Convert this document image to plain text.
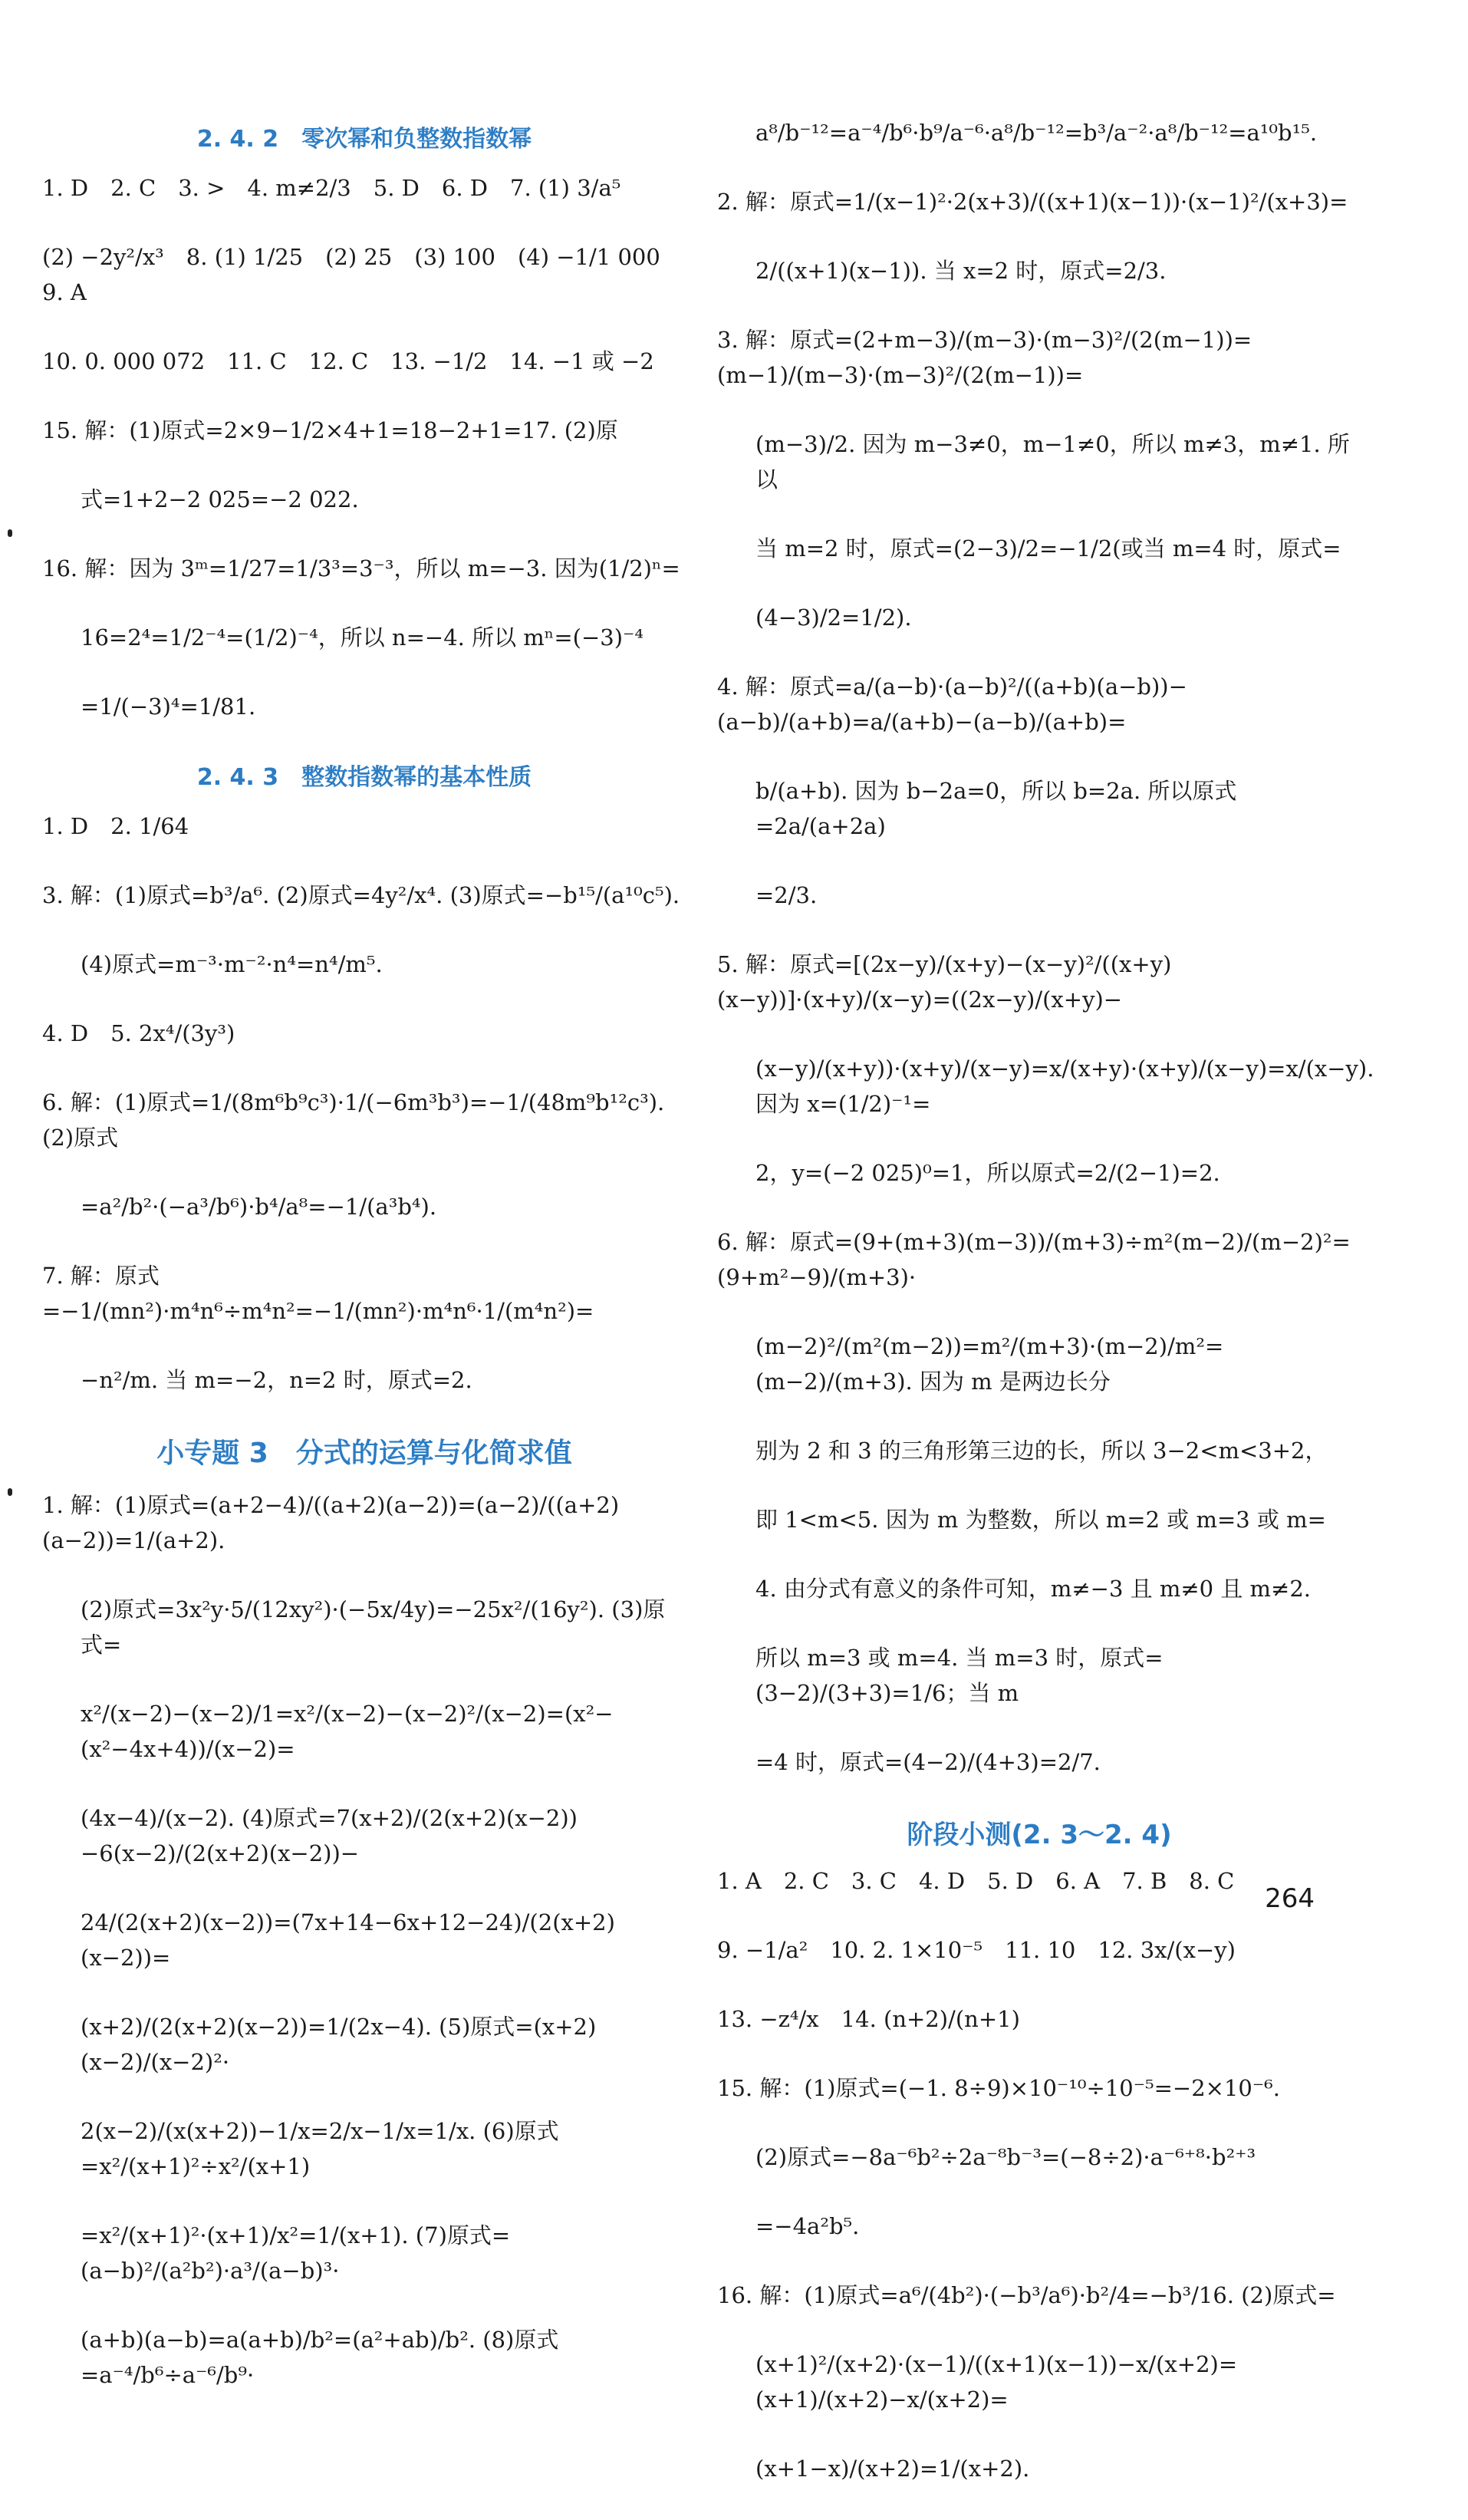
2. 4. 2　零次幂和负整数指数幂
1. D　2. C　3. >　4. m≠2/3　5. D　6. D　7. (1) 3/a⁵
(2) −2y²/x³　8. (1) 1/25　(2) 25　(3) 100　(4) −1/1 000　9. A
10. 0. 000 072　11. C　12. C　13. −1/2　14. −1 或 −2
15. 解：(1)原式=2×9−1/2×4+1=18−2+1=17. (2)原
式=1+2−2 025=−2 022.
16. 解：因为 3ᵐ=1/27=1/3³=3⁻³，所以 m=−3. 因为(1/2)ⁿ=
16=2⁴=1/2⁻⁴=(1/2)⁻⁴，所以 n=−4. 所以 mⁿ=(−3)⁻⁴
=1/(−3)⁴=1/81.
2. 4. 3　整数指数幂的基本性质
1. D　2. 1/64
3. 解：(1)原式=b³/a⁶. (2)原式=4y²/x⁴. (3)原式=−b¹⁵/(a¹⁰c⁵).
(4)原式=m⁻³·m⁻²·n⁴=n⁴/m⁵.
4. D　5. 2x⁴/(3y³)
6. 解：(1)原式=1/(8m⁶b⁹c³)·1/(−6m³b³)=−1/(48m⁹b¹²c³). (2)原式
=a²/b²·(−a³/b⁶)·b⁴/a⁸=−1/(a³b⁴).
7. 解：原式=−1/(mn²)·m⁴n⁶÷m⁴n²=−1/(mn²)·m⁴n⁶·1/(m⁴n²)=
−n²/m. 当 m=−2，n=2 时，原式=2.
小专题 3　分式的运算与化简求值
1. 解：(1)原式=(a+2−4)/((a+2)(a−2))=(a−2)/((a+2)(a−2))=1/(a+2).
(2)原式=3x²y·5/(12xy²)·(−5x/4y)=−25x²/(16y²). (3)原式=
x²/(x−2)−(x−2)/1=x²/(x−2)−(x−2)²/(x−2)=(x²−(x²−4x+4))/(x−2)=
(4x−4)/(x−2). (4)原式=7(x+2)/(2(x+2)(x−2))−6(x−2)/(2(x+2)(x−2))−
24/(2(x+2)(x−2))=(7x+14−6x+12−24)/(2(x+2)(x−2))=
(x+2)/(2(x+2)(x−2))=1/(2x−4). (5)原式=(x+2)(x−2)/(x−2)²·
2(x−2)/(x(x+2))−1/x=2/x−1/x=1/x. (6)原式=x²/(x+1)²÷x²/(x+1)
=x²/(x+1)²·(x+1)/x²=1/(x+1). (7)原式=(a−b)²/(a²b²)·a³/(a−b)³·
(a+b)(a−b)=a(a+b)/b²=(a²+ab)/b². (8)原式=a⁻⁴/b⁶÷a⁻⁶/b⁹·
a⁸/b⁻¹²=a⁻⁴/b⁶·b⁹/a⁻⁶·a⁸/b⁻¹²=b³/a⁻²·a⁸/b⁻¹²=a¹⁰b¹⁵.
2. 解：原式=1/(x−1)²·2(x+3)/((x+1)(x−1))·(x−1)²/(x+3)=
2/((x+1)(x−1)). 当 x=2 时，原式=2/3.
3. 解：原式=(2+m−3)/(m−3)·(m−3)²/(2(m−1))=(m−1)/(m−3)·(m−3)²/(2(m−1))=
(m−3)/2. 因为 m−3≠0，m−1≠0，所以 m≠3，m≠1. 所以
当 m=2 时，原式=(2−3)/2=−1/2(或当 m=4 时，原式=
(4−3)/2=1/2).
4. 解：原式=a/(a−b)·(a−b)²/((a+b)(a−b))−(a−b)/(a+b)=a/(a+b)−(a−b)/(a+b)=
b/(a+b). 因为 b−2a=0，所以 b=2a. 所以原式=2a/(a+2a)
=2/3.
5. 解：原式=[(2x−y)/(x+y)−(x−y)²/((x+y)(x−y))]·(x+y)/(x−y)=((2x−y)/(x+y)−
(x−y)/(x+y))·(x+y)/(x−y)=x/(x+y)·(x+y)/(x−y)=x/(x−y). 因为 x=(1/2)⁻¹=
2，y=(−2 025)⁰=1，所以原式=2/(2−1)=2.
6. 解：原式=(9+(m+3)(m−3))/(m+3)÷m²(m−2)/(m−2)²=(9+m²−9)/(m+3)·
(m−2)²/(m²(m−2))=m²/(m+3)·(m−2)/m²=(m−2)/(m+3). 因为 m 是两边长分
别为 2 和 3 的三角形第三边的长，所以 3−2<m<3+2，
即 1<m<5. 因为 m 为整数，所以 m=2 或 m=3 或 m=
4. 由分式有意义的条件可知，m≠−3 且 m≠0 且 m≠2.
所以 m=3 或 m=4. 当 m=3 时，原式=(3−2)/(3+3)=1/6；当 m
=4 时，原式=(4−2)/(4+3)=2/7.
阶段小测(2. 3～2. 4)
1. A　2. C　3. C　4. D　5. D　6. A　7. B　8. C
9. −1/a²　10. 2. 1×10⁻⁵　11. 10　12. 3x/(x−y)
13. −z⁴/x　14. (n+2)/(n+1)
15. 解：(1)原式=(−1. 8÷9)×10⁻¹⁰÷10⁻⁵=−2×10⁻⁶.
(2)原式=−8a⁻⁶b²÷2a⁻⁸b⁻³=(−8÷2)·a⁻⁶⁺⁸·b²⁺³
=−4a²b⁵.
16. 解：(1)原式=a⁶/(4b²)·(−b³/a⁶)·b²/4=−b³/16. (2)原式=
(x+1)²/(x+2)·(x−1)/((x+1)(x−1))−x/(x+2)=(x+1)/(x+2)−x/(x+2)=
(x+1−x)/(x+2)=1/(x+2).
264
